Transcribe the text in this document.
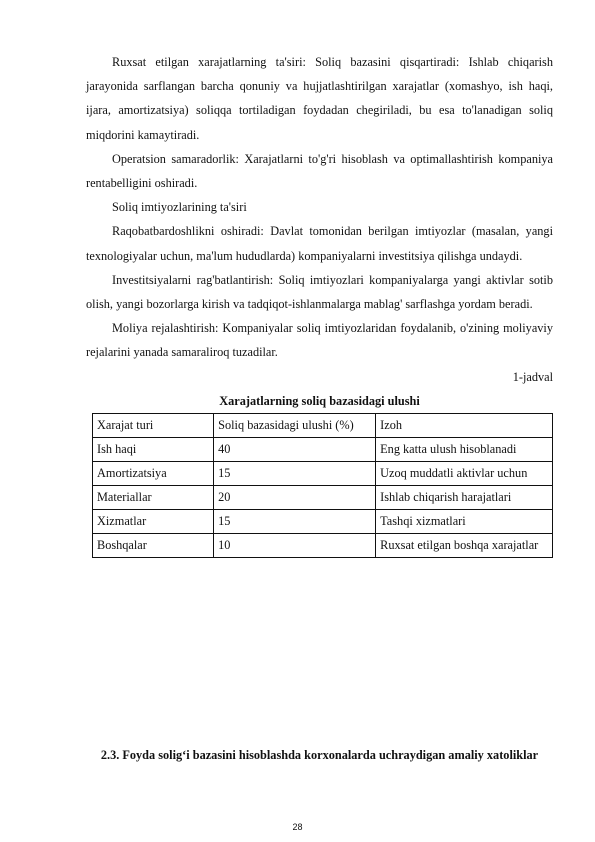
Ruxsat etilgan xarajatlarning ta'siri: Soliq bazasini qisqartiradi: Ishlab chiqarish jarayonida sarflangan barcha qonuniy va hujjatlashtirilgan xarajatlar (xomashyo, ish haqi, ijara, amortizatsiya) soliqqa tortiladigan foydadan chegiriladi, bu esa to'lanadigan soliq miqdorini kamaytiradi.

Operatsion samaradorlik: Xarajatlarni to'g'ri hisoblash va optimallashtirish kompaniya rentabelligini oshiradi.

Soliq imtiyozlarining ta'siri

Raqobatbardoshlikni oshiradi: Davlat tomonidan berilgan imtiyozlar (masalan, yangi texnologiyalar uchun, ma'lum hududlarda) kompaniyalarni investitsiya qilishga undaydi.

Investitsiyalarni rag'batlantirish: Soliq imtiyozlari kompaniyalarga yangi aktivlar sotib olish, yangi bozorlarga kirish va tadqiqot-ishlanmalarga mablag' sarflashga yordam beradi.

Moliya rejalashtirish: Kompaniyalar soliq imtiyozlaridan foydalanib, o'zining moliyaviy rejalarini yanada samaraliroq tuzadilar.

1-jadval

Xarajatlarning soliq bazasidagi ulushi

Xarajat turi	Soliq bazasidagi ulushi (%)	Izoh
Ish haqi	40	Eng katta ulush hisoblanadi
Amortizatsiya	15	Uzoq muddatli aktivlar uchun
Materiallar	20	Ishlab chiqarish harajatlari
Xizmatlar	15	Tashqi xizmatlari
Boshqalar	10	Ruxsat etilgan boshqa xarajatlar
2.3. Foyda solig‘i bazasini hisoblashda korxonalarda uchraydigan amaliy xatoliklar
28
